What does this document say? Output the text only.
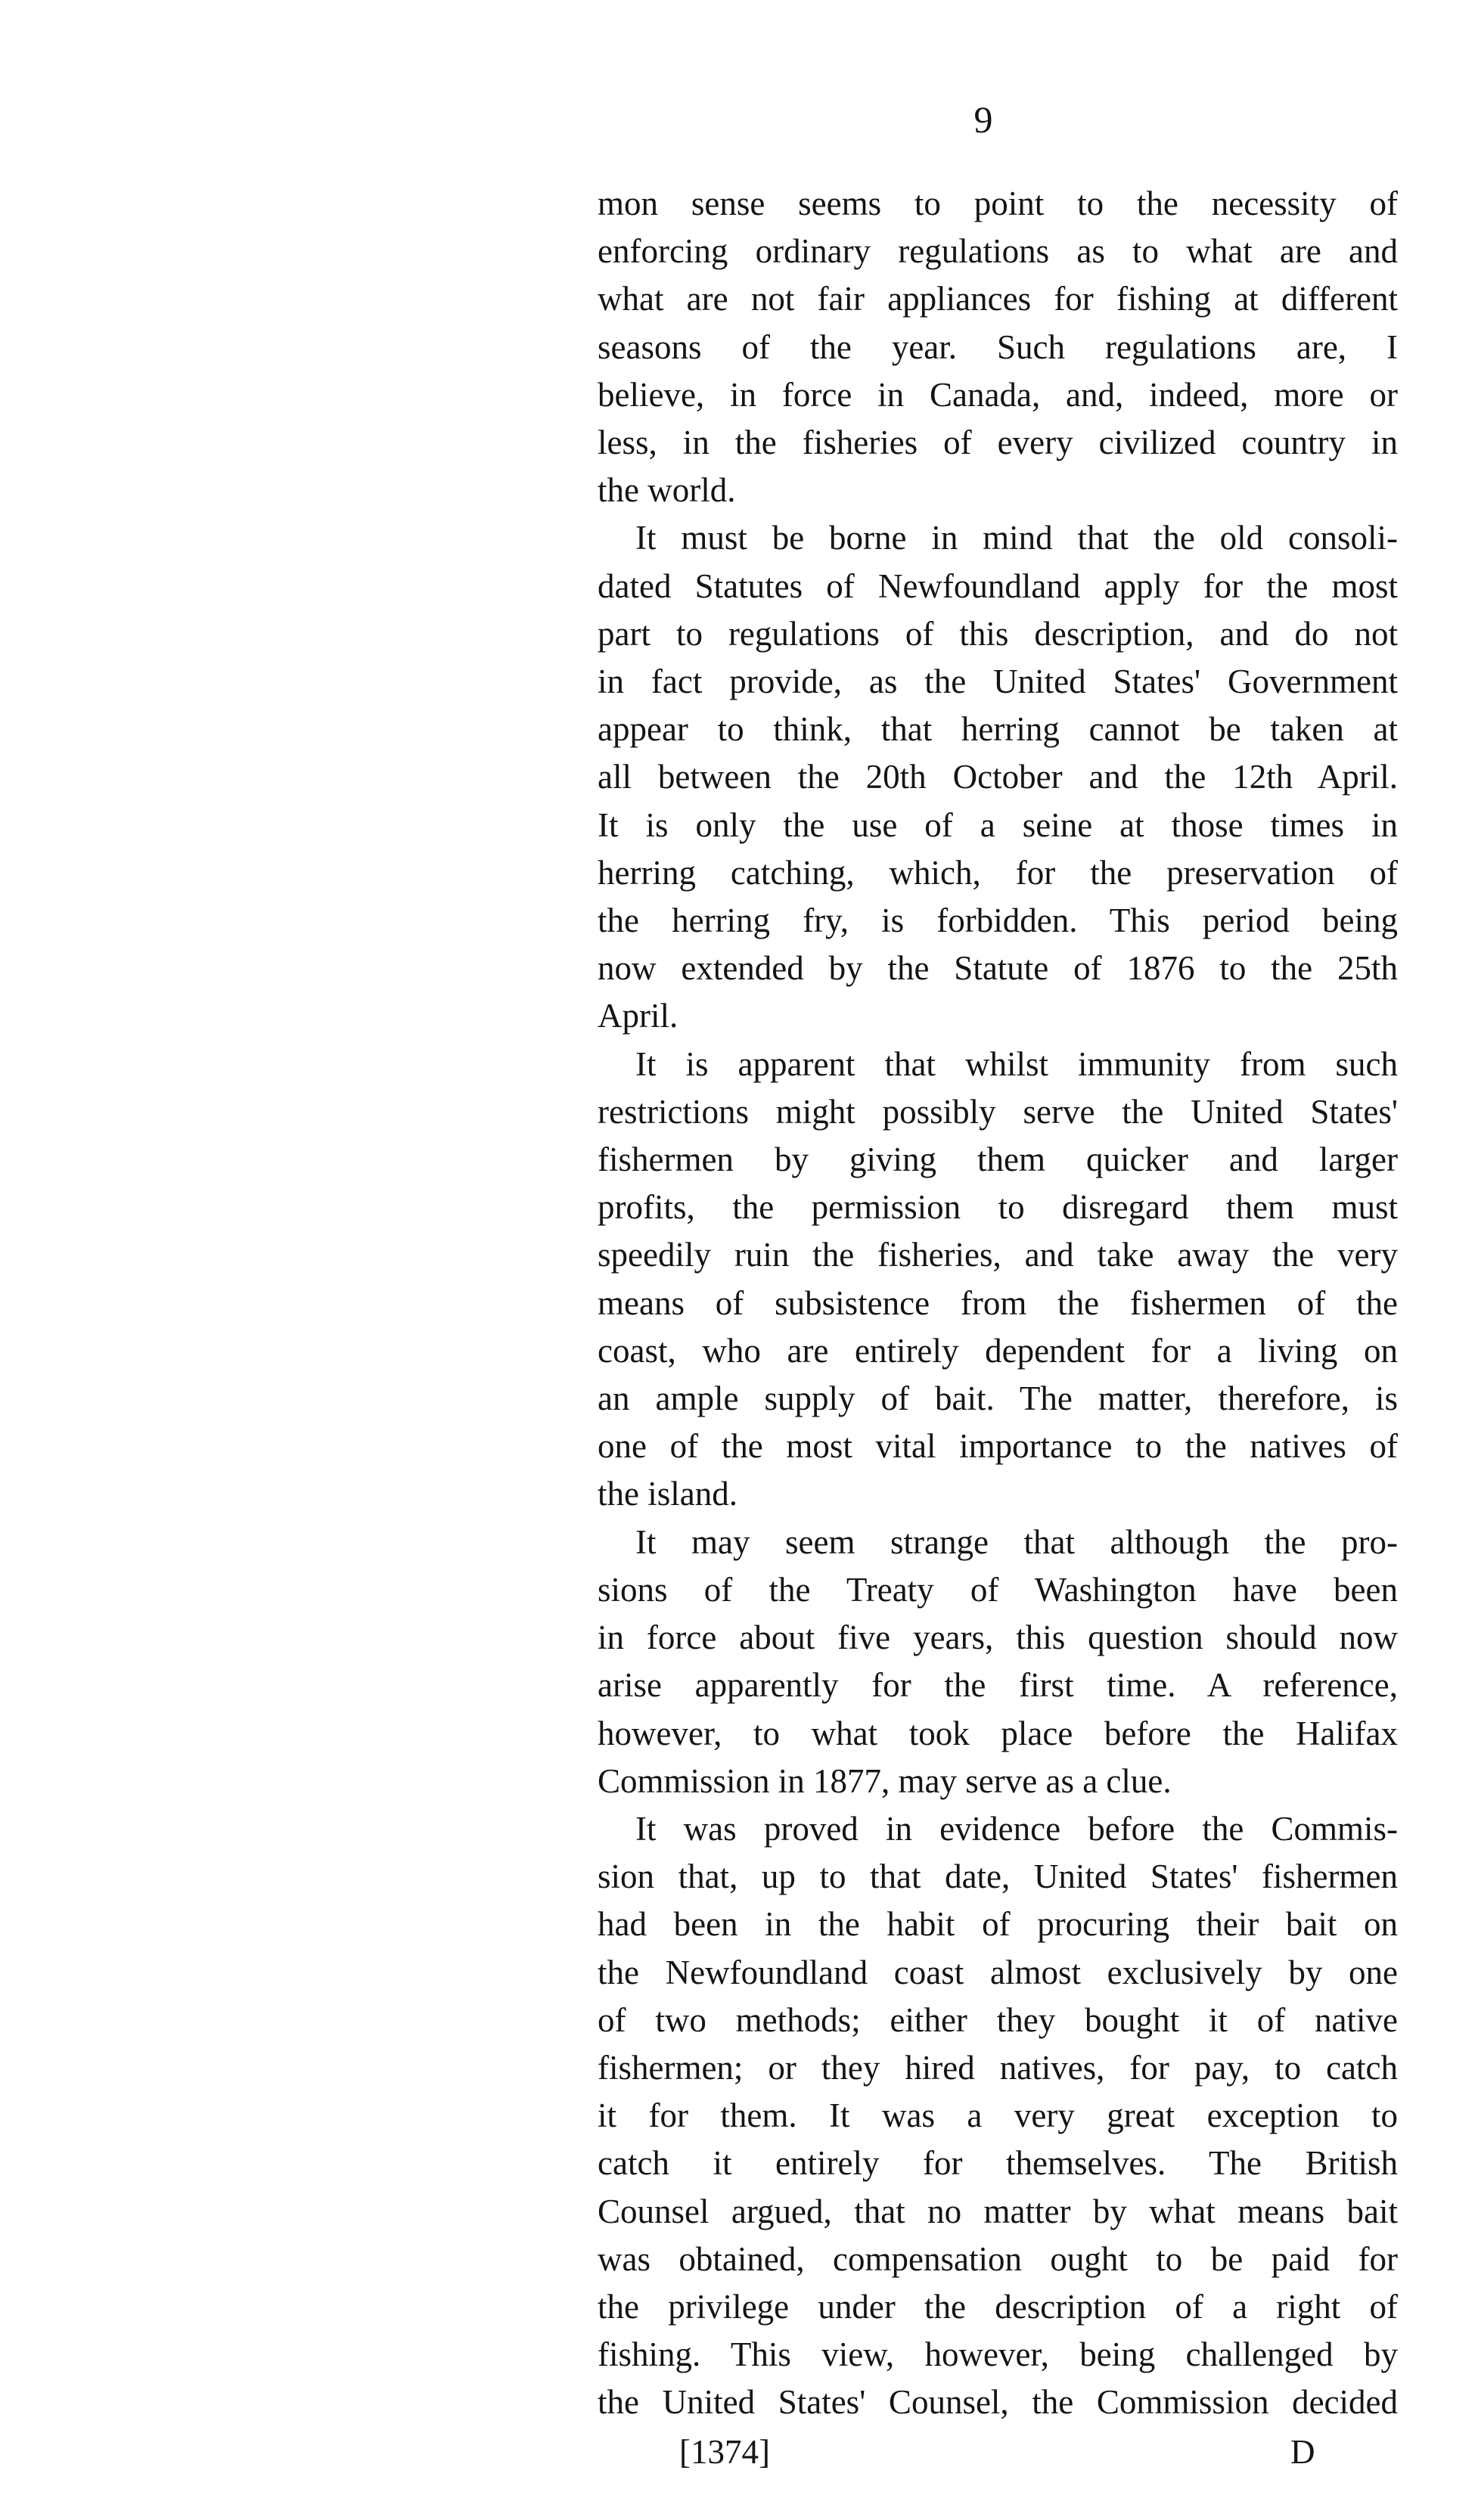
9
mon sense seems to point to the necessity of
enforcing ordinary regulations as to what are and
what are not fair appliances for fishing at different
seasons of the year. Such regulations are, I
believe, in force in Canada, and, indeed, more or
less, in the fisheries of every civilized country in
the world.
It must be borne in mind that the old consoli-
dated Statutes of Newfoundland apply for the most
part to regulations of this description, and do not
in fact provide, as the United States' Government
appear to think, that herring cannot be taken at
all between the 20th October and the 12th April.
It is only the use of a seine at those times in
herring catching, which, for the preservation of
the herring fry, is forbidden. This period being
now extended by the Statute of 1876 to the 25th
April.
It is apparent that whilst immunity from such
restrictions might possibly serve the United States'
fishermen by giving them quicker and larger
profits, the permission to disregard them must
speedily ruin the fisheries, and take away the very
means of subsistence from the fishermen of the
coast, who are entirely dependent for a living on
an ample supply of bait. The matter, therefore, is
one of the most vital importance to the natives of
the island.
It may seem strange that although the pro-
sions of the Treaty of Washington have been
in force about five years, this question should now
arise apparently for the first time. A reference,
however, to what took place before the Halifax
Commission in 1877, may serve as a clue.
It was proved in evidence before the Commis-
sion that, up to that date, United States' fishermen
had been in the habit of procuring their bait on
the Newfoundland coast almost exclusively by one
of two methods; either they bought it of native
fishermen; or they hired natives, for pay, to catch
it for them. It was a very great exception to
catch it entirely for themselves. The British
Counsel argued, that no matter by what means bait
was obtained, compensation ought to be paid for
the privilege under the description of a right of
fishing. This view, however, being challenged by
the United States' Counsel, the Commission decided
[1374]	D
